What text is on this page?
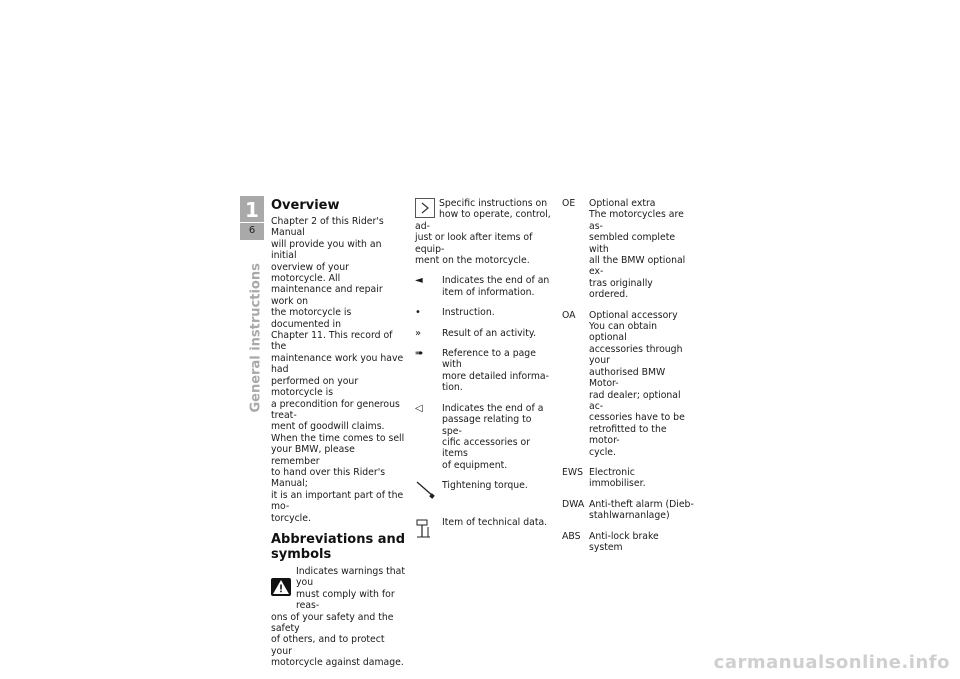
1
6
General instructions
Overview
Chapter 2 of this Rider's Manual
will provide you with an initial
overview of your motorcycle. All
maintenance and repair work on
the motorcycle is documented in
Chapter 11. This record of the
maintenance work you have had
performed on your motorcycle is
a precondition for generous treat-
ment of goodwill claims.
When the time comes to sell
your BMW, please remember
to hand over this Rider's Manual;
it is an important part of the mo-
torcycle.
Abbreviations and
symbols
Indicates warnings that you
must comply with for reas-
ons of your safety and the safety
of others, and to protect your
motorcycle against damage.
Specific instructions on
how to operate, control, ad-
just or look after items of equip-
ment on the motorcycle.
◄	Indicates the end of an
item of information.
•	Instruction.
»	Result of an activity.
➠	Reference to a page with
more detailed informa-
tion.
◁	Indicates the end of a
passage relating to spe-
cific accessories or items
of equipment.
Tightening torque.
Item of technical data.
OE	Optional extra
The motorcycles are as-
sembled complete with
all the BMW optional ex-
tras originally ordered.
OA	Optional accessory
You can obtain optional
accessories through your
authorised BMW Motor-
rad dealer; optional ac-
cessories have to be
retrofitted to the motor-
cycle.
EWS Electronic immobiliser.
DWA Anti-theft alarm (Dieb-
stahlwarnanlage)
ABS Anti-lock brake system
carmanualsonline.info
